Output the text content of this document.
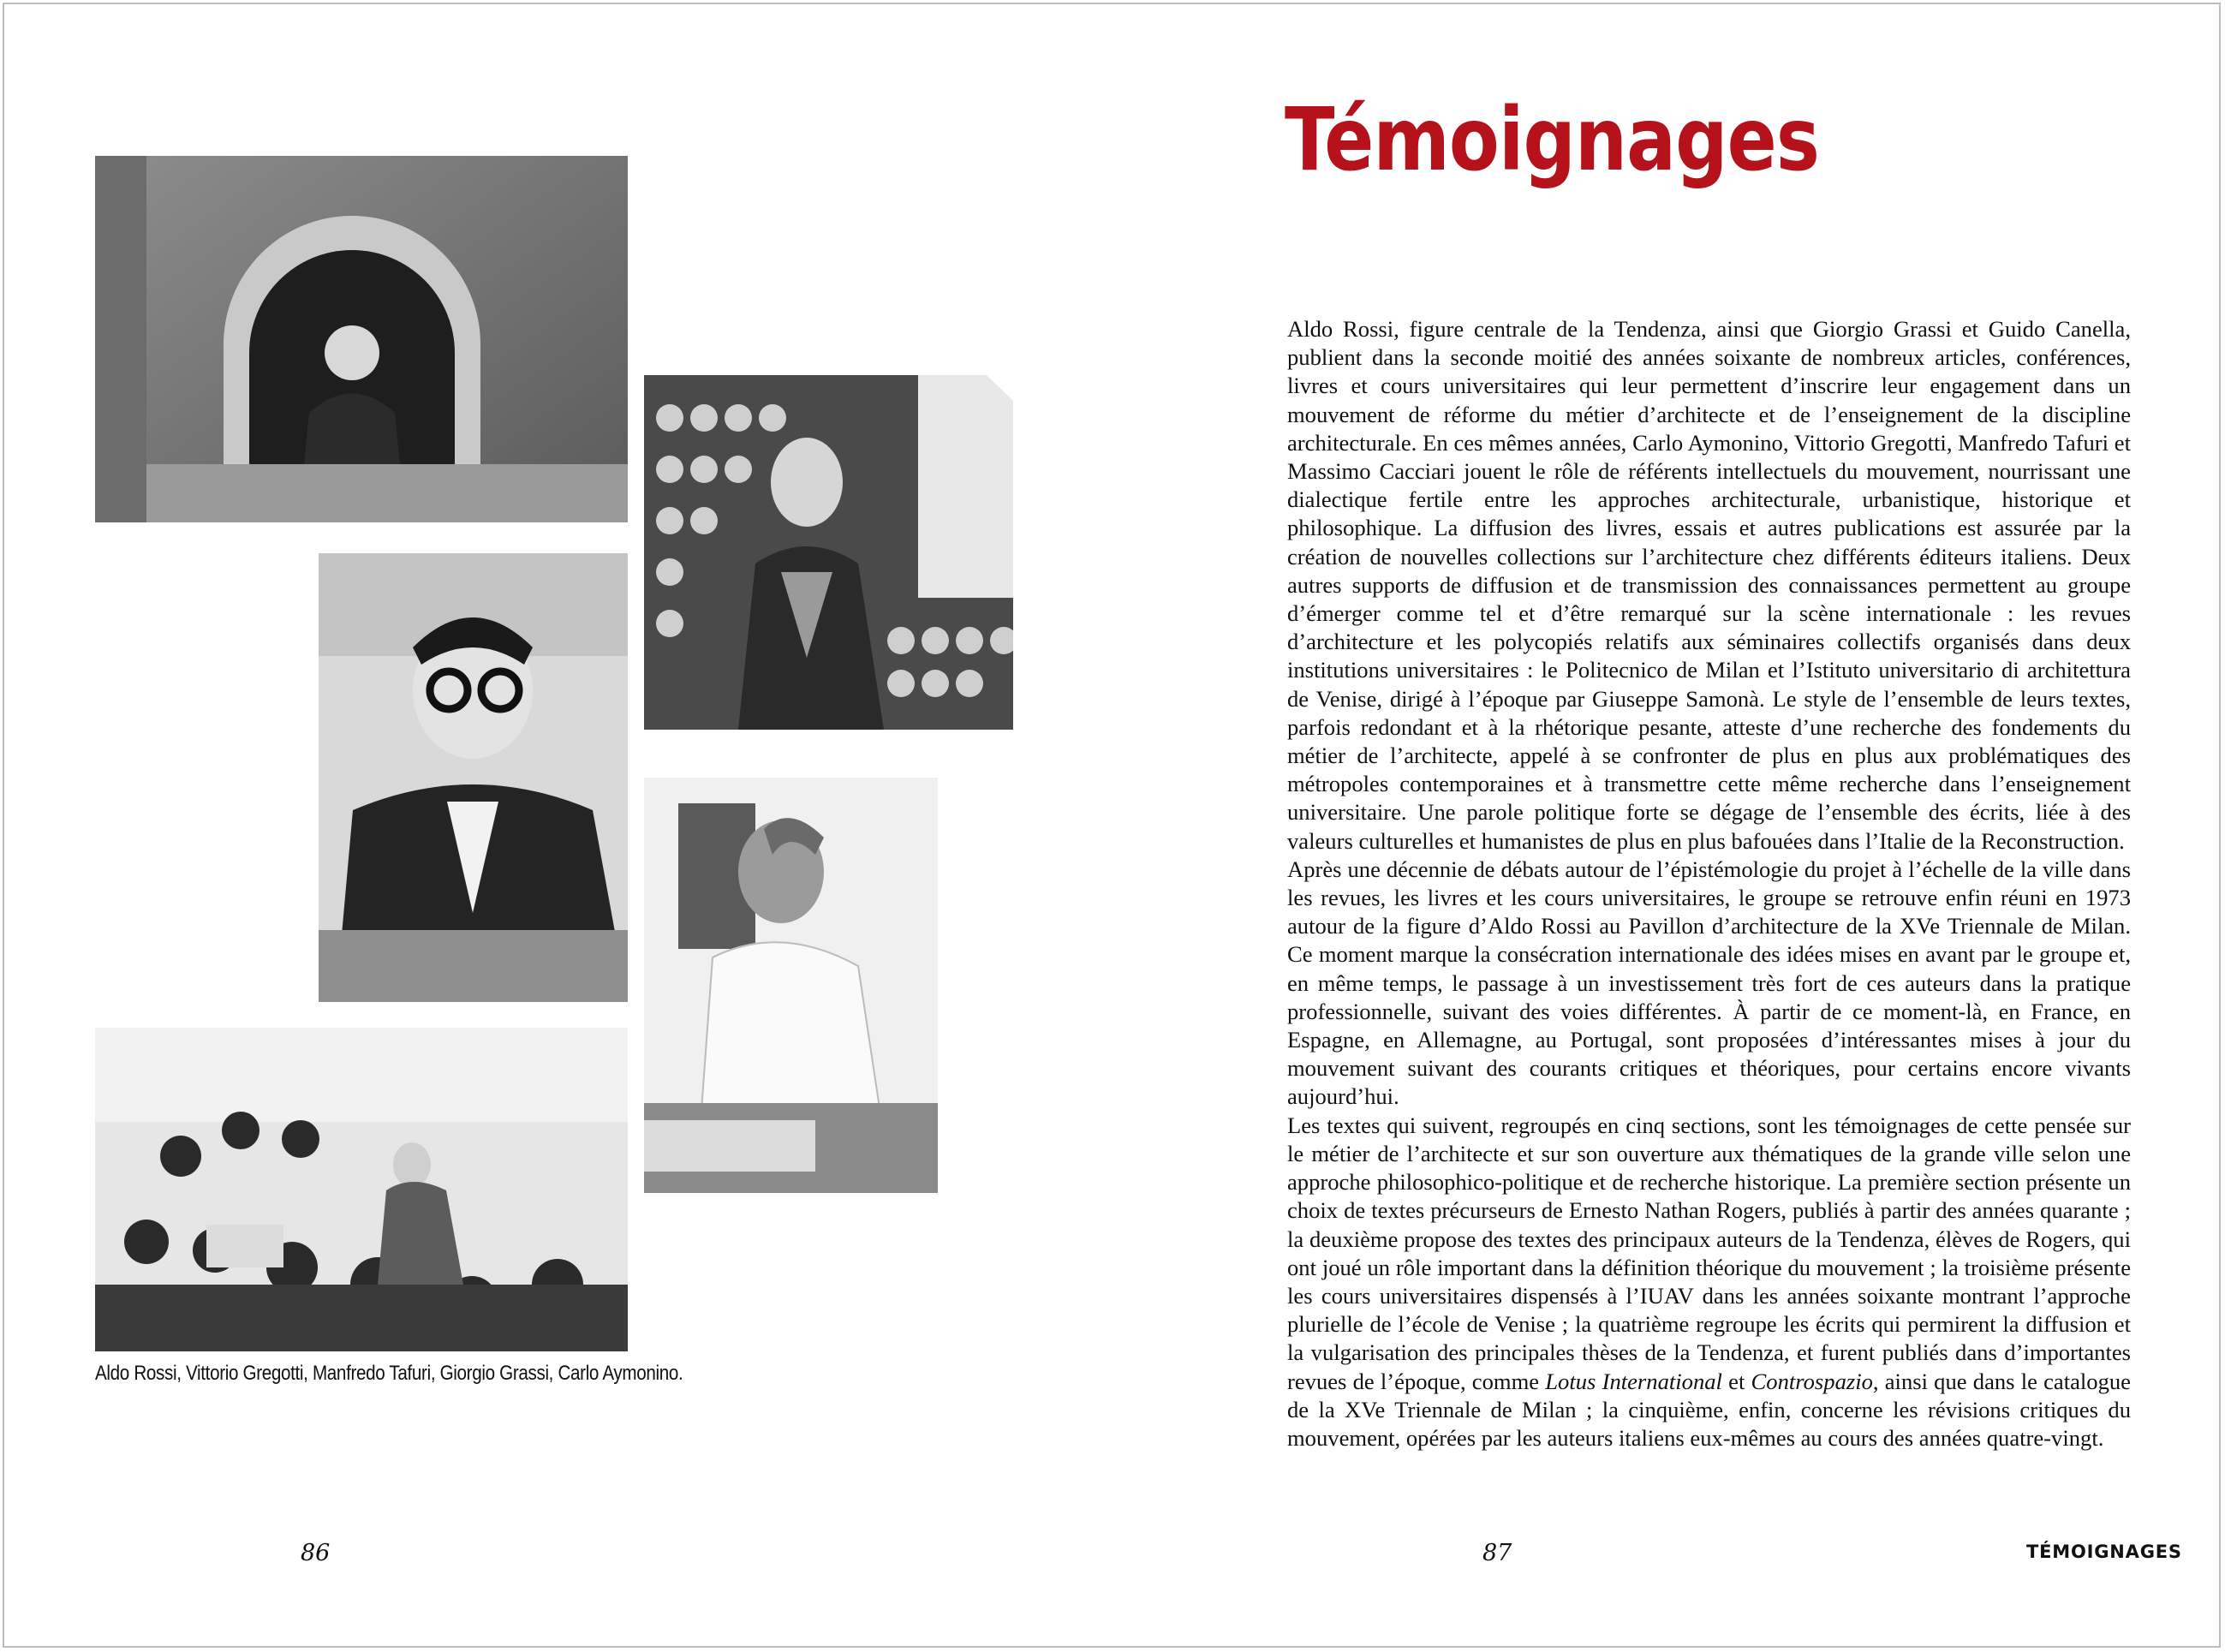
Aldo Rossi, Vittorio Gregotti, Manfredo Tafuri, Giorgio Grassi, Carlo Aymonino.
86
Témoignages

Aldo Rossi, figure centrale de la Tendenza, ainsi que Giorgio Grassi et Guido Canella, publient dans la seconde moitié des années soixante de nombreux articles, conférences, livres et cours universitaires qui leur permettent d’inscrire leur engagement dans un mouvement de réforme du métier d’architecte et de l’enseignement de la discipline architecturale. En ces mêmes années, Carlo Aymonino, Vittorio Gregotti, Manfredo Tafuri et Massimo Cacciari jouent le rôle de référents intellectuels du mouvement, nourrissant une dialectique fertile entre les approches architecturale, urbanistique, historique et philosophique. La diffusion des livres, essais et autres publications est assurée par la création de nouvelles collections sur l’architecture chez différents éditeurs italiens. Deux autres supports de diffusion et de transmission des connaissances permettent au groupe d’émerger comme tel et d’être remarqué sur la scène internationale : les revues d’architecture et les polycopiés relatifs aux séminaires collectifs organisés dans deux institutions universitaires : le Politecnico de Milan et l’Istituto universitario di architettura de Venise, dirigé à l’époque par Giuseppe Samonà. Le style de l’ensemble de leurs textes, parfois redondant et à la rhétorique pesante, atteste d’une recherche des fondements du métier de l’architecte, appelé à se confronter de plus en plus aux problématiques des métropoles contemporaines et à transmettre cette même recherche dans l’enseignement universitaire. Une parole politique forte se dégage de l’ensemble des écrits, liée à des valeurs culturelles et humanistes de plus en plus bafouées dans l’Italie de la Reconstruction.

Après une décennie de débats autour de l’épistémologie du projet à l’échelle de la ville dans les revues, les livres et les cours universitaires, le groupe se retrouve enfin réuni en 1973 autour de la figure d’Aldo Rossi au Pavillon d’architecture de la XVe Triennale de Milan. Ce moment marque la consécration internationale des idées mises en avant par le groupe et, en même temps, le passage à un investissement très fort de ces auteurs dans la pratique professionnelle, suivant des voies différentes. À partir de ce moment-là, en France, en Espagne, en Allemagne, au Portugal, sont proposées d’intéressantes mises à jour du mouvement suivant des courants critiques et théoriques, pour certains encore vivants aujourd’hui.

Les textes qui suivent, regroupés en cinq sections, sont les témoignages de cette pensée sur le métier de l’architecte et sur son ouverture aux thématiques de la grande ville selon une approche philosophico-politique et de recherche historique. La première section présente un choix de textes précurseurs de Ernesto Nathan Rogers, publiés à partir des années quarante ; la deuxième propose des textes des principaux auteurs de la Tendenza, élèves de Rogers, qui ont joué un rôle important dans la définition théorique du mouvement ; la troisième présente les cours universitaires dispensés à l’IUAV dans les années soixante montrant l’approche plurielle de l’école de Venise ; la quatrième regroupe les écrits qui permirent la diffusion et la vulgarisation des principales thèses de la Tendenza, et furent publiés dans d’importantes revues de l’époque, comme Lotus International et Controspazio, ainsi que dans le catalogue de la XVe Triennale de Milan ; la cinquième, enfin, concerne les révisions critiques du mouvement, opérées par les auteurs italiens eux-mêmes au cours des années quatre-vingt.

87	TÉMOIGNAGES
